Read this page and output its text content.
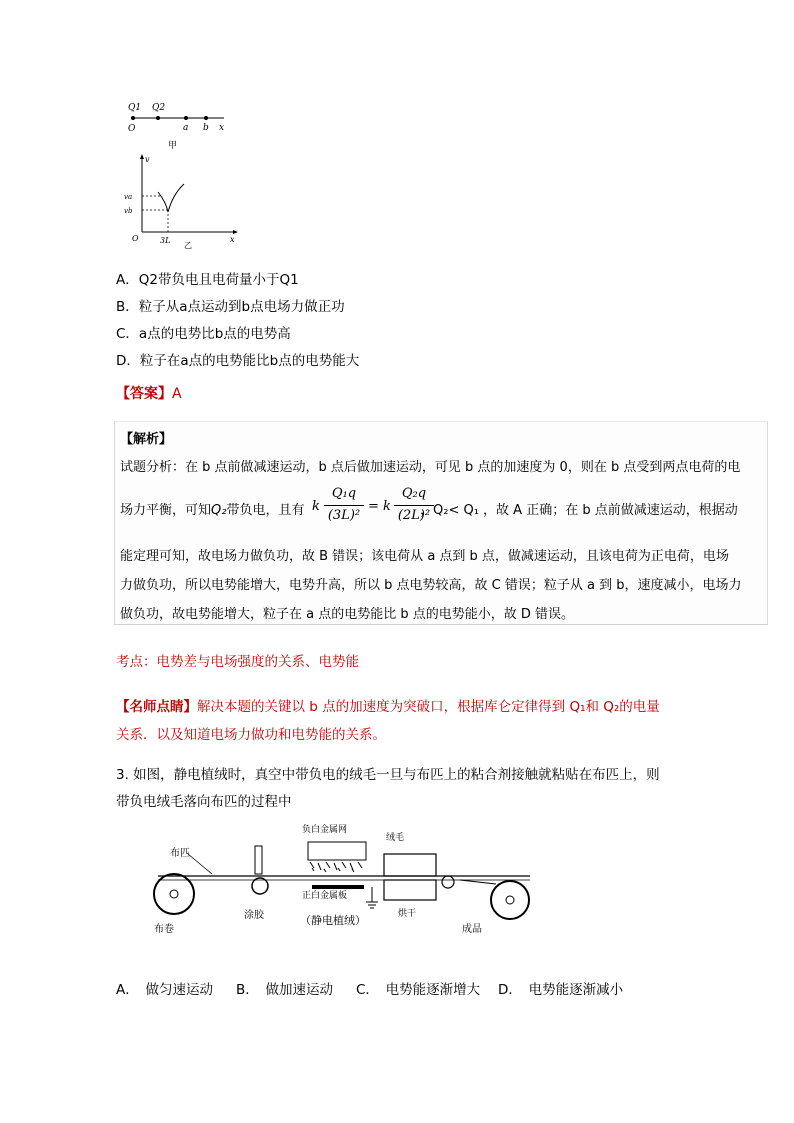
Q1 Q2
O	a b x
甲
v
va
vb
O	3L	x
乙
A．Q2带负电且电荷量小于Q1
B．粒子从a点运动到b点电场力做正功
C．a点的电势比b点的电势高
D．粒子在a点的电势能比b点的电势能大
【答案】A
【解析】
试题分析：在 b 点前做减速运动，b 点后做加速运动，可见 b 点的加速度为 0，则在 b 点受到两点电荷的电
场力平衡，可知Q₂带负电，且有 k
Q₁q
(3L)²
= k
Q₂q
(2L)²
，Q₂< Q₁ ，故 A 正确；在 b 点前做减速运动，根据动
能定理可知，故电场力做负功，故 B 错误；该电荷从 a 点到 b 点，做减速运动，且该电荷为正电荷，电场
力做负功，所以电势能增大，电势升高，所以 b 点电势较高，故 C 错误；粒子从 a 到 b，速度减小，电场力
做负功，故电势能增大，粒子在 a 点的电势能比 b 点的电势能小，故 D 错误。
考点：电势差与电场强度的关系、电势能
【名师点睛】解决本题的关键以 b 点的加速度为突破口，根据库仑定律得到 Q₁和 Q₂的电量
关系．以及知道电场力做功和电势能的关系。
3. 如图，静电植绒时，真空中带负电的绒毛一旦与布匹上的粘合剂接触就粘贴在布匹上，则
带负电绒毛落向布匹的过程中
布匹
负白金属网
绒毛
正白金属板
布卷
涂胶	（静电植绒）	烘干
成品
A．　做匀速运动 B．　做加速运动 C．　电势能逐渐增大 D．　电势能逐渐减小
